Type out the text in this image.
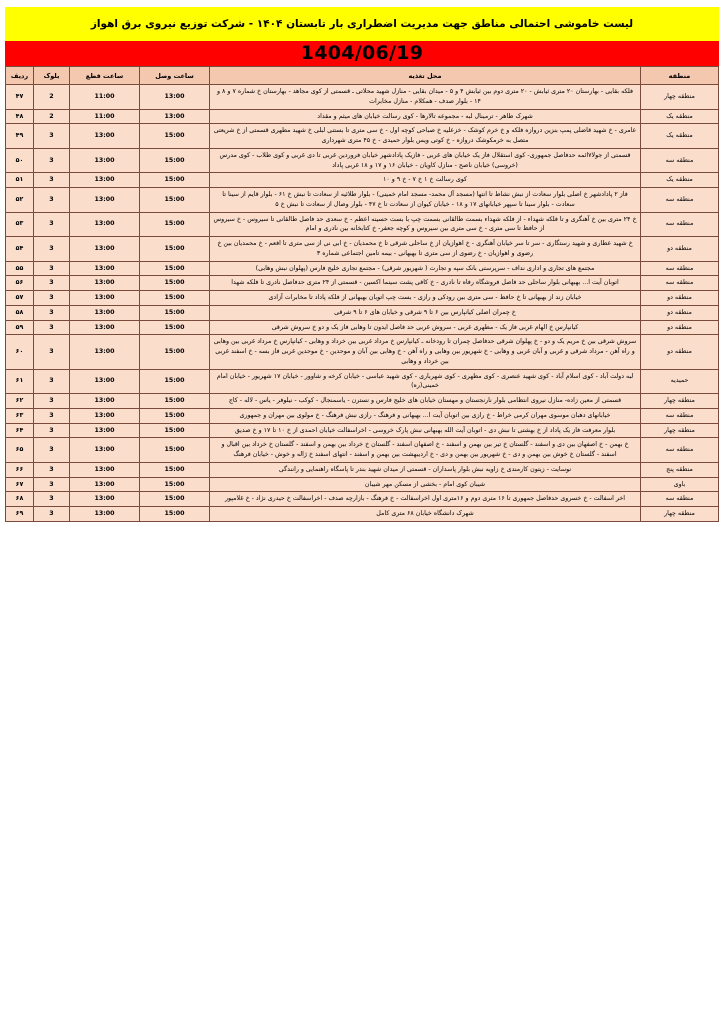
لیست خاموشی احتمالی مناطق جهت مدیریت اضطراری بار تابستان ۱۴۰۴ - شرکت توزیع نیروی برق اهواز
1404/06/19
منطقه	محل تغذیه	ساعت وصل	ساعت قطع	بلوک	ردیف
منطقه چهار	فلکه بقایی - بهارستان ۲۰ متری ثیابش - ۲۰ متری دوم بین ثیابش ۴ و ۵ - میدان بقایی - منازل شهید محلاتی ـ قسمتی از کوی مجاهد - بهارستان خ شماره ۷ و ۸ و ۱۴ - بلوار صدف - همکلام - منازل مخابرات	13:00	11:00	2	۴۷
منطقه یک	شهرک طاهر - ترمینال لبه - مجموعه تالارها - کوی رسالت خیابان های میثم و مقداد	13:00	11:00	2	۴۸
منطقه یک	عامری - خ شهید قاضلی پمپ بنزین دروازه فلکه و خ خرم کوشک - خزعلیه خ صباحی کوچه اول - خ سی متری تا بستنی لبلی خ شهید مطهری قسمتی از خ شریعتی متصل به خرمکوشک دروازه - خ کوتی ویس بلوار حمیدی - خ ۴۵ متری شهرداری	15:00	13:00	3	۴۹
منطقه سه	قسمتی از جولا۷ائمه حدفاصل جمهوری- کوی استقلال فاز یک خیابان های غربی - فازیک پادادشهر خیابان فروردین غربی تا دی غربی و کوی طلاب - کوی مدرس (خروسی) خیابان ناصح - منازل کاویان - خیابان ۱۶ و ۱۷ و ۱۸ غربی پاداد	15:00	13:00	3	۵۰
منطقه یک	کوی رسالت خ ۱ خ ۷ - خ ۹ و ۱۰	15:00	13:00	3	۵۱
منطقه سه	فاز ۲ پادادشهر خ اصلی بلوار سعادت از نبش نشاط تا انتها (مسجد آل محمد- مسجد امام خمینی) - بلوار طلائیه از سعادت تا نبش خ ۶۱ - بلوار قایم از سینا تا سعادت - بلوار سینا تا سپهر خیابانهای ۱۷ و ۱۸ - خیابان کیوان از سعادت تا خ ۴۷ - بلوار وصال از سعادت تا نبش خ ۵	15:00	13:00	3	۵۲
منطقه سه	خ ۲۴ متری بین خ آهنگری و تا فلکه شهداء - از فلکه شهداء بسمت طالقانی بسمت چپ با بست حسینه اعظم - خ سعدی حد فاصل طالقانی تا سیروس - خ سیروس از حافظ تا سی متری - خ سی متری بین سیروس و کوچه جعفر- خ کتابخانه بین نادری و امام	15:00	13:00	3	۵۳
منطقه دو	خ شهید عطاری و شهید رستگاری - سر تا سر خیابان آهنگری - خ اهوازیان از خ ساحلی شرقی تا خ محمدیان - خ ابی نی از سی متری تا افعم - خ محمدیان بین خ رضوی و اهوازیان - خ رضوی از سی متری تا بهبهانی - بیمه تامین اجتماعی شماره ۳	15:00	13:00	3	۵۴
منطقه سه	مجتمع های تجاری و اداری نداف - سرپرستی بانک سپه و تجارت ( شهریور شرقی) - مجتمع تجاری خلیج فارس (پهلوان نبش وهابی)	15:00	13:00	3	۵۵
منطقه سه	اتوبان آیت ا... بهبهانی بلوار ساحلی حد فاصل فروشگاه رفاه تا نادری - خ کافی پشت سینما اکسین - قسمتی از ۲۴ متری حدفاصل نادری تا فلکه شهدا	15:00	13:00	3	۵۶
منطقه دو	خیابان زند از بهبهانی تا خ حافظ - سی متری بین رودکی و رازی - بست چپ اتوبان بهبهانی از فلکه پاداد تا مخابرات آزادی	15:00	13:00	3	۵۷
منطقه دو	خ چمران اصلی کیانپارس بین ۶ تا ۹ شرقی و خیابان های ۶ تا ۹ شرقی	15:00	13:00	3	۵۸
منطقه دو	کیانپارس خ الهام غربی فاز یک - مطهری غربی - سروش غربی حد فاصل ایدون تا وهابی فاز یک و دو خ سروش شرقی	15:00	13:00	3	۵۹
منطقه دو	سروش شرقی بین خ مریم یک و دو - خ پهلوان شرقی حدفاصل چمران تا رودخانه ـ کیانپارس خ مرداد غربی بین خرداد و وهابی - کیانپارس خ مرداد غربی بین وهابی و راه آهن - مرداد شرقی و غربی و آبان غربی و وهابی - خ شهریور بین وهابی و راه آهن - خ وهابی بین آبان و موحدین - خ موحدین غربی فاز بسه - خ اسفند غربی بین خرداد و وهابی	15:00	13:00	3	۶۰
حمیدیه	لبه دولت آباد - کوی اسلام آباد - کوی شهید عنصری - کوی مطهری - کوی شهرباری - کوی شهید عباسی - خیابان کرخه و شاوور - خیابان ۱۷ شهریور - خیابان امام خمینی(ره)	15:00	13:00	3	۶۱
منطقه چهار	قسمتی از معین زاده- منازل نیروی انتظامی بلوار نارنجستان و مهستان خیابان های خلیج فارس و نسترن - یاسمنجال - کوکب - نیلوفر - یاس - لاله - کاج	15:00	13:00	3	۶۲
منطقه سه	خیابانهای دهبان موسوی مهران کرمی خراط - خ رازی بین اتوبان آیت ا... بهبهانی و فرهنگ - رازی نبش فرهنگ - خ مولوی بین مهران و جمهوری	15:00	13:00	3	۶۳
منطقه چهار	بلوار معرفت فاز یک پاداد از خ بهشتی تا نبش دی - اتوبان آیت الله بهبهانی نبش پارک خروسی - اخراسفالت خیابان احمدی از خ ۱۰ تا ۱۷ و خ صدیق	15:00	13:00	3	۶۴
منطقه سه	خ بهمن - خ اصفهان بین دی و اسفند - گلستان خ تیر بین بهمن و اسفند - خ اصفهان اسفند - گلستان خ خرداد بین بهمن و اسفند - گلستان خ خرداد بین اقبال و اسفند - گلستان خ خوش بین بهمن و دی - خ شهریور بین بهمن و دی - خ اردیبهشت بین بهمن و اسفند - انتهای اسفند خ ژاله و خوش - خیابان فرهنگ	15:00	13:00	3	۶۵
منطقه پنج	نوسایت - زیتون کارمندی خ زاویه نبش بلوار پاسداران - قسمتی از میدان شهید بندر تا پاسگاه راهنمایی و رانندگی	15:00	13:00	3	۶۶
باوی	شیبان کوی امام - بخشی از مسکن مهر شیبان	15:00	13:00	3	۶۷
منطقه سه	اخر اسفالت - خ خسروی حدفاصل جمهوری تا ۱۶ متری دوم و ۱۶متری اول اخراسفالت - خ فرهنگ - بازارچه صدف - اخراسفالت خ حیدری نژاد - خ غلامپور	15:00	13:00	3	۶۸
منطقه چهار	شهرک دانشگاه خیابان ۶۸ متری کامل	15:00	13:00	3	۶۹
